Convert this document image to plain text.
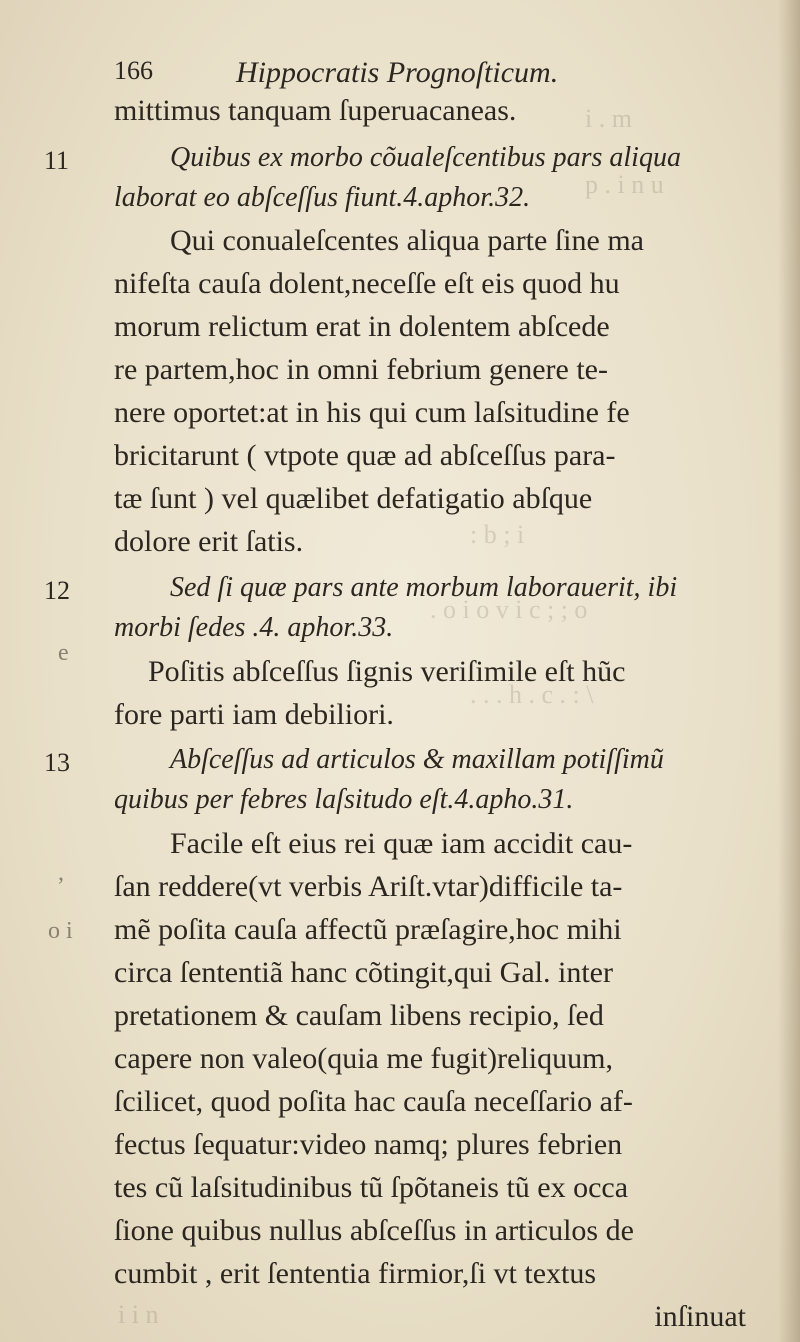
i . m
p . i n u
: b ; i
. o i o v i c ; ; o
. . . h . c . : \
i i n
166	Hippocratis Prognoſticum.
mittimus tanquam ſuperuacaneas.
Quibus ex morbo cõualeſcentibus pars aliqua
laborat eo abſceſſus fiunt.4.aphor.32.
Qui conualeſcentes aliqua parte ſine ma
nifeſta cauſa dolent,neceſſe eſt eis quod hu
morum relictum erat in dolentem abſcede
re partem,hoc in omni febrium genere te-
nere oportet:at in his qui cum laſsitudine fe
bricitarunt ( vtpote quæ ad abſceſſus para-
tæ ſunt ) vel quælibet defatigatio abſque
dolore erit ſatis.
Sed ſi quæ pars ante morbum laborauerit, ibi
morbi ſedes .4. aphor.33.
Poſitis abſceſſus ſignis veriſimile eſt hũc
fore parti iam debiliori.
Abſceſſus ad articulos & maxillam potiſſimũ
quibus per febres laſsitudo eſt.4.apho.31.
Facile eſt eius rei quæ iam accidit cau-
ſan reddere(vt verbis Ariſt.vtar)difficile ta-
mẽ poſita cauſa affectũ præſagire,hoc mihi
circa ſententiã hanc cõtingit,qui Gal. inter
pretationem & cauſam libens recipio, ſed
capere non valeo(quia me fugit)reliquum,
ſcilicet, quod poſita hac cauſa neceſſario af-
fectus ſequatur:video namq; plures febrien
tes cũ laſsitudinibus tũ ſpõtaneis tũ ex occa
ſione quibus nullus abſceſſus in articulos de
cumbit , erit ſententia firmior,ſi vt textus
inſinuat
11
12
13
e
,
o i
